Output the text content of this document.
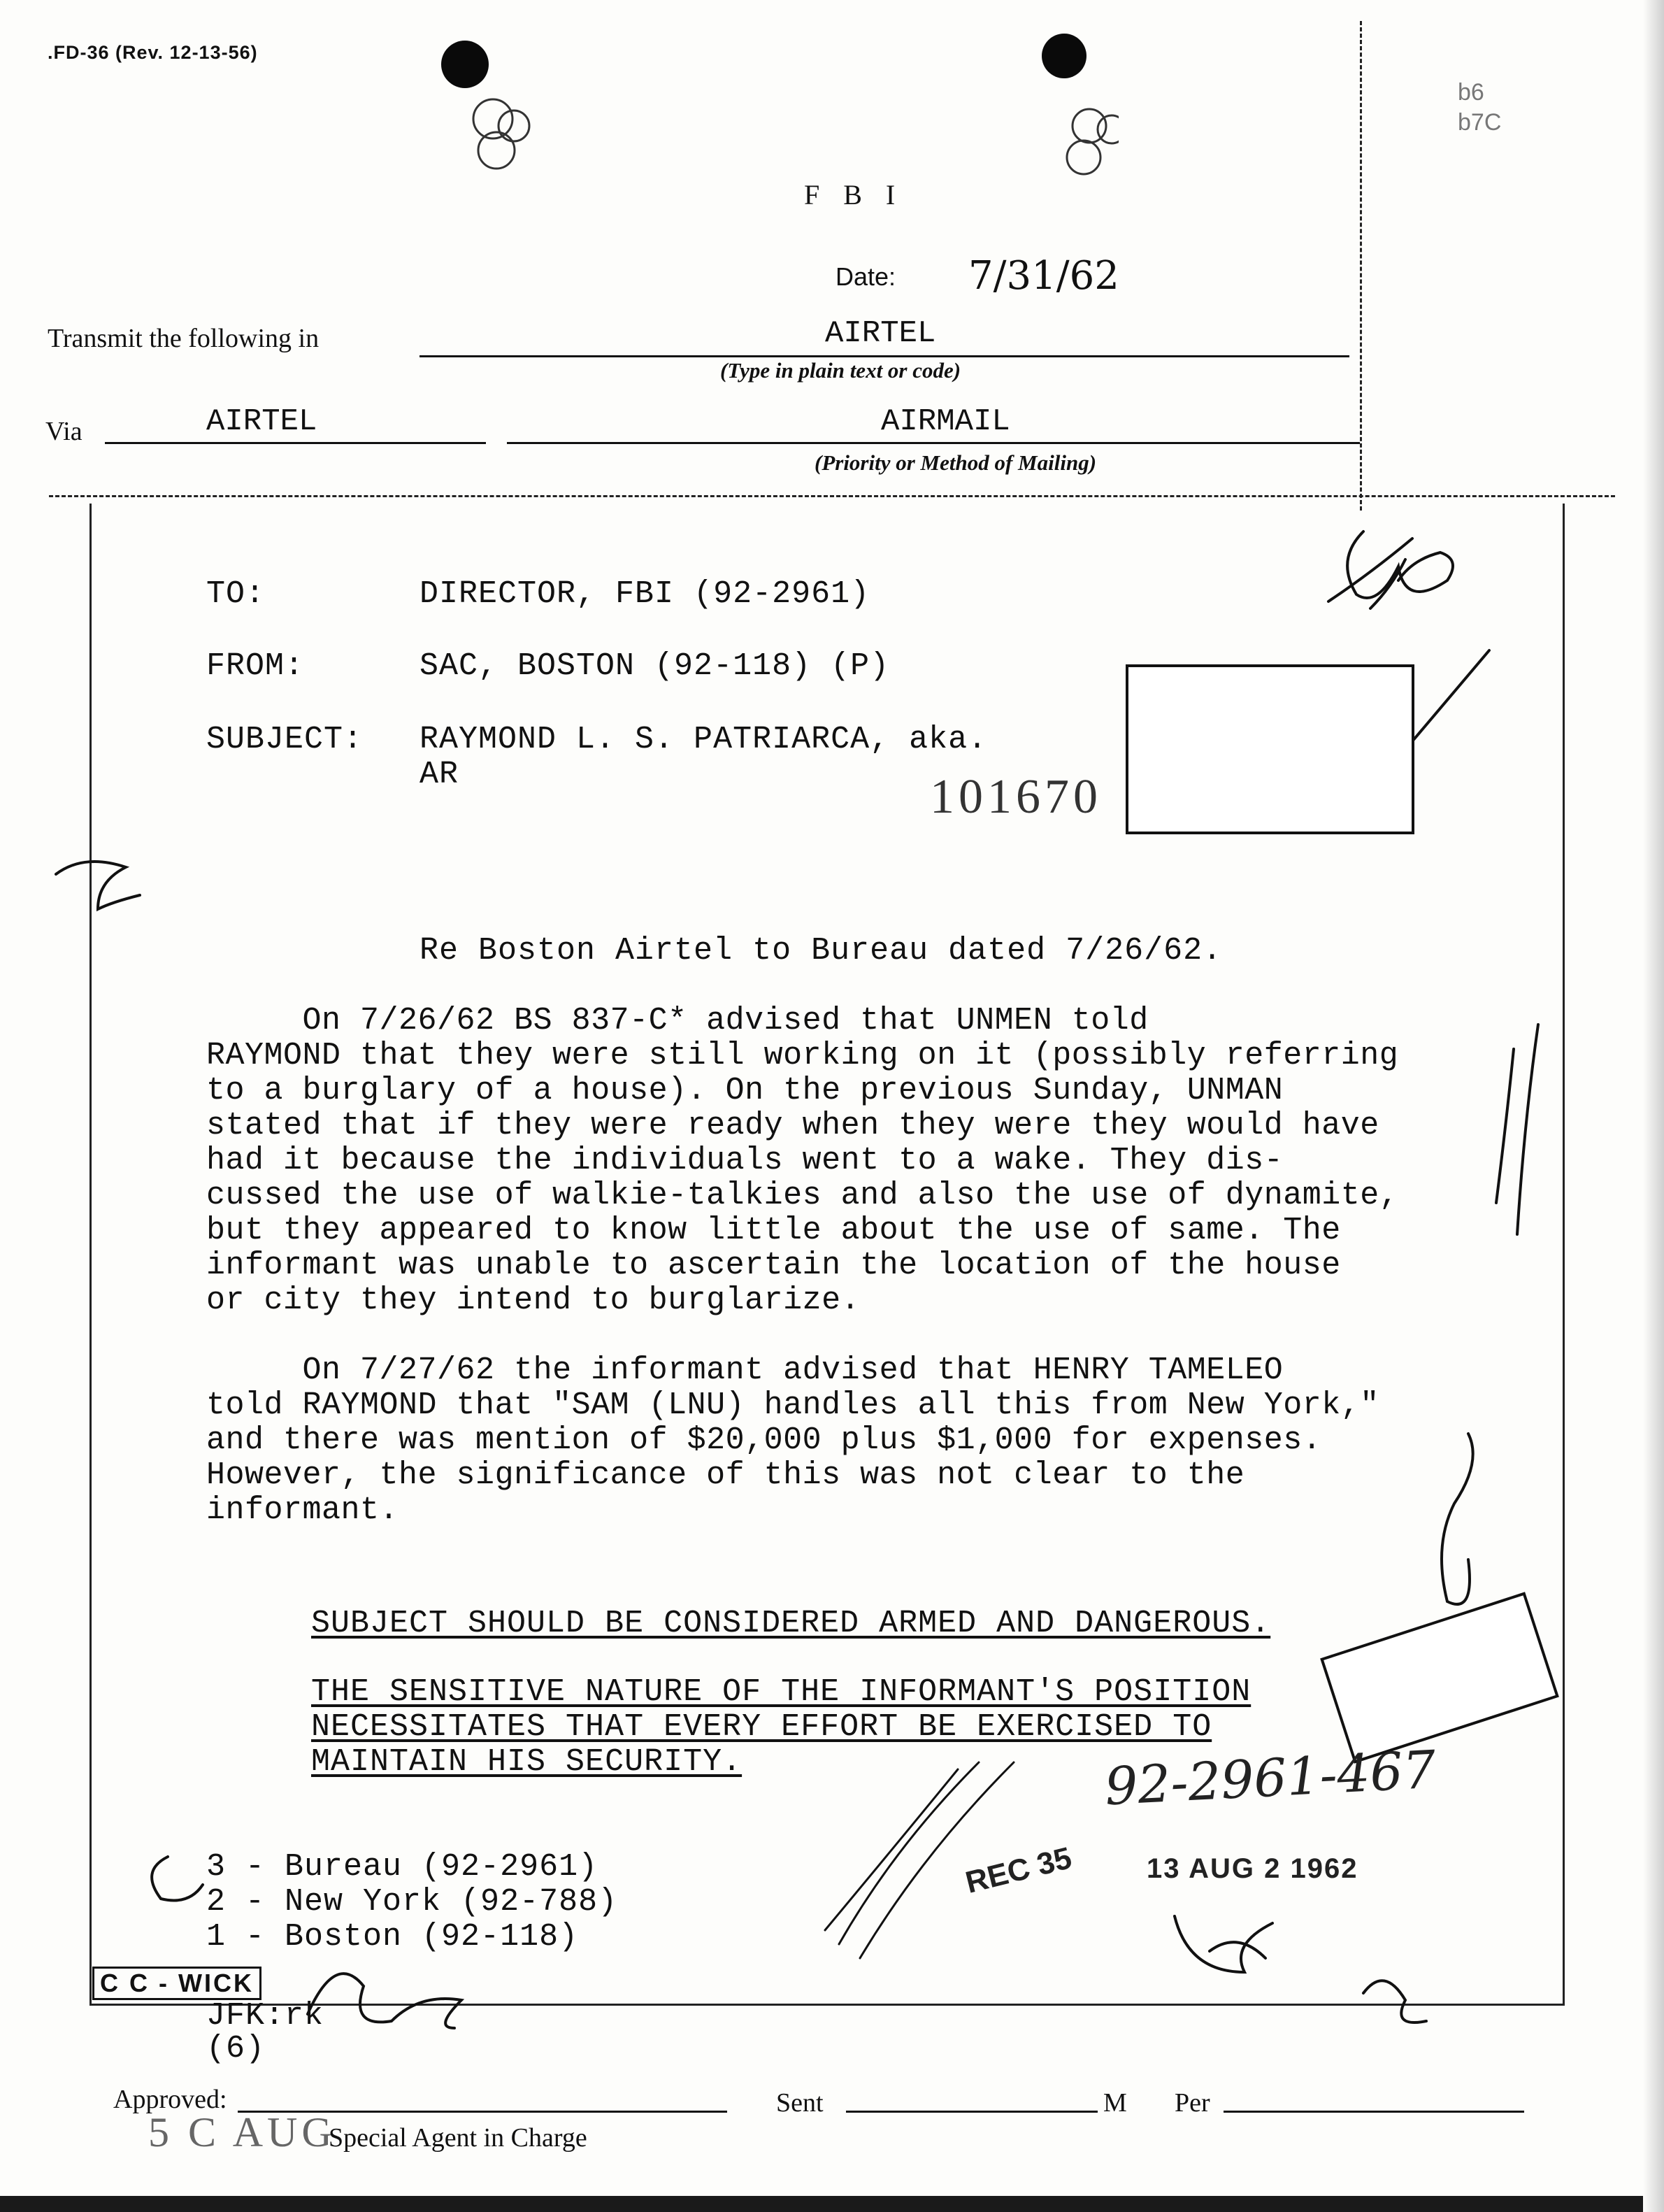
.FD-36 (Rev. 12-13-56)
b6
b7C
F B I
Date: 7/31/62
Transmit the following in	AIRTEL
(Type in plain text or code)
Via	AIRTEL	AIRMAIL
(Priority or Method of Mailing)
TO:	DIRECTOR, FBI (92-2961)
FROM:	SAC, BOSTON (92-118) (P)
SUBJECT: RAYMOND L. S. PATRIARCA, aka.
AR	101670
Re Boston Airtel to Bureau dated 7/26/62.
On 7/26/62 BS 837-C* advised that UNMEN told
RAYMOND that they were still working on it (possibly referring
to a burglary of a house). On the previous Sunday, UNMAN
stated that if they were ready when they were they would have
had it because the individuals went to a wake. They dis-
cussed the use of walkie-talkies and also the use of dynamite,
but they appeared to know little about the use of same. The
informant was unable to ascertain the location of the house
or city they intend to burglarize.
On 7/27/62 the informant advised that HENRY TAMELEO
told RAYMOND that "SAM (LNU) handles all this from New York,"
and there was mention of $20,000 plus $1,000 for expenses.
However, the significance of this was not clear to the
informant.
SUBJECT SHOULD BE CONSIDERED ARMED AND DANGEROUS.
THE SENSITIVE NATURE OF THE INFORMANT'S POSITION
NECESSITATES THAT EVERY EFFORT BE EXERCISED TO
MAINTAIN HIS SECURITY.	92-2961-467
REC 35	13 AUG 2 1962
3 - Bureau (92-2961)
2 - New York (92-788)
1 - Boston (92-118)
C C - WICK
JFK:rk
(6)
Approved:
5 C AUG
Special Agent in Charge
Sent	M Per
